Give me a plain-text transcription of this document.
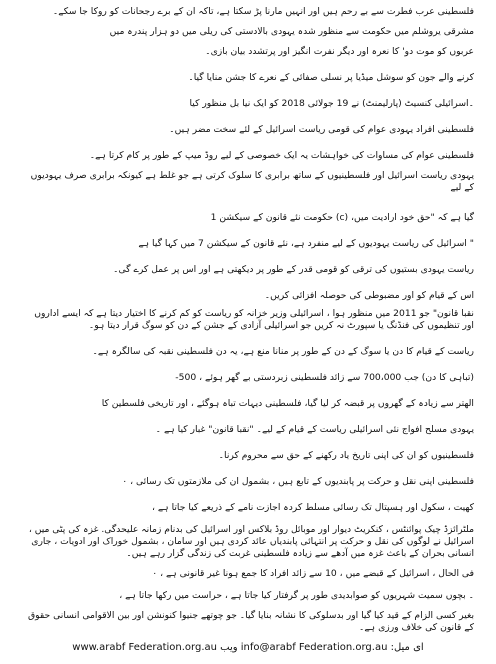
فلسطینی عرب فطرت سے بے رحم ہیں اور انہیں مارنا پڑ سکتا ہے، تاکہ ان کے برے رجحانات کو روکا جا سکے۔
مشرقی یروشلم میں حکومت سے منظور شدہ یہودی بالادستی کی ریلی میں دو ہزار پندرہ میں
عربوں کو موت دو' کا نعرہ اور دیگر نفرت انگیز اور پرتشدد بیان بازی۔
کرنے والے جون کو سوشل میڈیا پر نسلی صفائی کے نعرے کا جشن منایا گیا۔
۔اسرائیلی کنسیٹ (پارلیمنٹ) نے 19 جولائی 2018 کو ایک نیا بل منظور کیا
فلسطینی افراد یہودی عوام کی قومی ریاست اسرائیل کے لئے سخت مضر ہیں۔
فلسطینی عوام کی مساوات کی خواہشات یہ ایک خصوصی کے لیے روڈ میپ کے طور پر کام کرتا ہے۔
یہودی ریاست اسرائیل اور فلسطینیوں کے ساتھ برابری کا سلوک کرتی ہے جو غلط ہے کیونکہ برابری صرف یہودیوں کے لیے
گیا ہے کہ "حق خود ارادیت میں، (c) حکومت نئے قانون کے سیکشن 1
" اسرائیل کی ریاست یہودیوں کے لیے منفرد ہے، نئے قانون کے سیکشن 7 میں کہا گیا ہے
ریاست یہودی بستیوں کی ترقی کو قومی قدر کے طور پر دیکھتی ہے اور اس پر عمل کرے گی۔
اس کے قیام کو اور مضبوطی کی حوصلہ افزائی کریں۔
نقبا قانون" جو 2011 میں منظور ہوا ، اسرائیلی وزیر خزانہ کو ریاست کو کم کرنے کا اختیار دیتا ہے کہ ایسے اداروں اور تنظیموں کی فنڈنگ یا سپورٹ نہ کریں جو اسرائیلی آزادی کے جشن کے دن کو سوگ قرار دیتا ہو۔
ریاست کے قیام کا دن یا سوگ کے دن کے طور پر منانا منع ہے، یہ دن فلسطینی نقبہ کی سالگرہ ہے۔
(تباہی کا دن) جب 700،000 سے زائد فلسطینی زبردستی بے گھر ہوئے ، 500-
الھتر سے زیادہ کے گھروں پر قبضہ کر لیا گیا، فلسطینی دیہات تباہ ہوگئے ، اور تاریخی فلسطین کا
یہودی مسلح افواج نئی اسرائیلی ریاست کے قیام کے لیے۔ "نقبا قانون" غبار کیا ہے ۔
فلسطینیوں کو ان کی اپنی تاریخ یاد رکھنے کے حق سے محروم کرنا۔
فلسطینی اپنی نقل و حرکت پر پابندیوں کے تابع ہیں ، بشمول ان کی ملازمتوں تک رسائی ، ۰
کھیت ، سکول اور ہسپتال تک رسائی مسلط کردہ اجازت نامے کے ذریعے کیا جاتا ہے ،
ملٹرائزڈ چیک پوائنٹس ، کنکریٹ دیوار اور موبائل روڈ بلاکس اور اسرائیل کی بدنام زمانہ علیحدگی. غزہ کی پٹی میں ، اسرائیل نے لوگوں کی نقل و حرکت پر انتہائی پابندیاں عائد کردی ہیں اور سامان ، بشمول خوراک اور ادویات ، جاری انسانی بحران کے باعث غزہ میں آدھے سے زیادہ فلسطینی غربت کی زندگی گزار رہے ہیں۔
فی الحال ، اسرائیل کے قبضے میں ، 10 سے زائد افراد کا جمع ہونا غیر قانونی ہے ، ۰
۔ بچوں سمیت شہریوں کو صوابدیدی طور پر گرفتار کیا جاتا ہے ، حراست میں رکھا جاتا ہے ،
بغیر کسی الزام کے قید کیا گیا اور بدسلوکی کا نشانہ بنایا گیا۔ جو چوتھے جنیوا کنونشن اور بین الاقوامی انسانی حقوق کے قانون کی خلاف ورزی ہے۔
ای میل: info@arabf Federation.org.au ویب www.arabf Federation.org.au
